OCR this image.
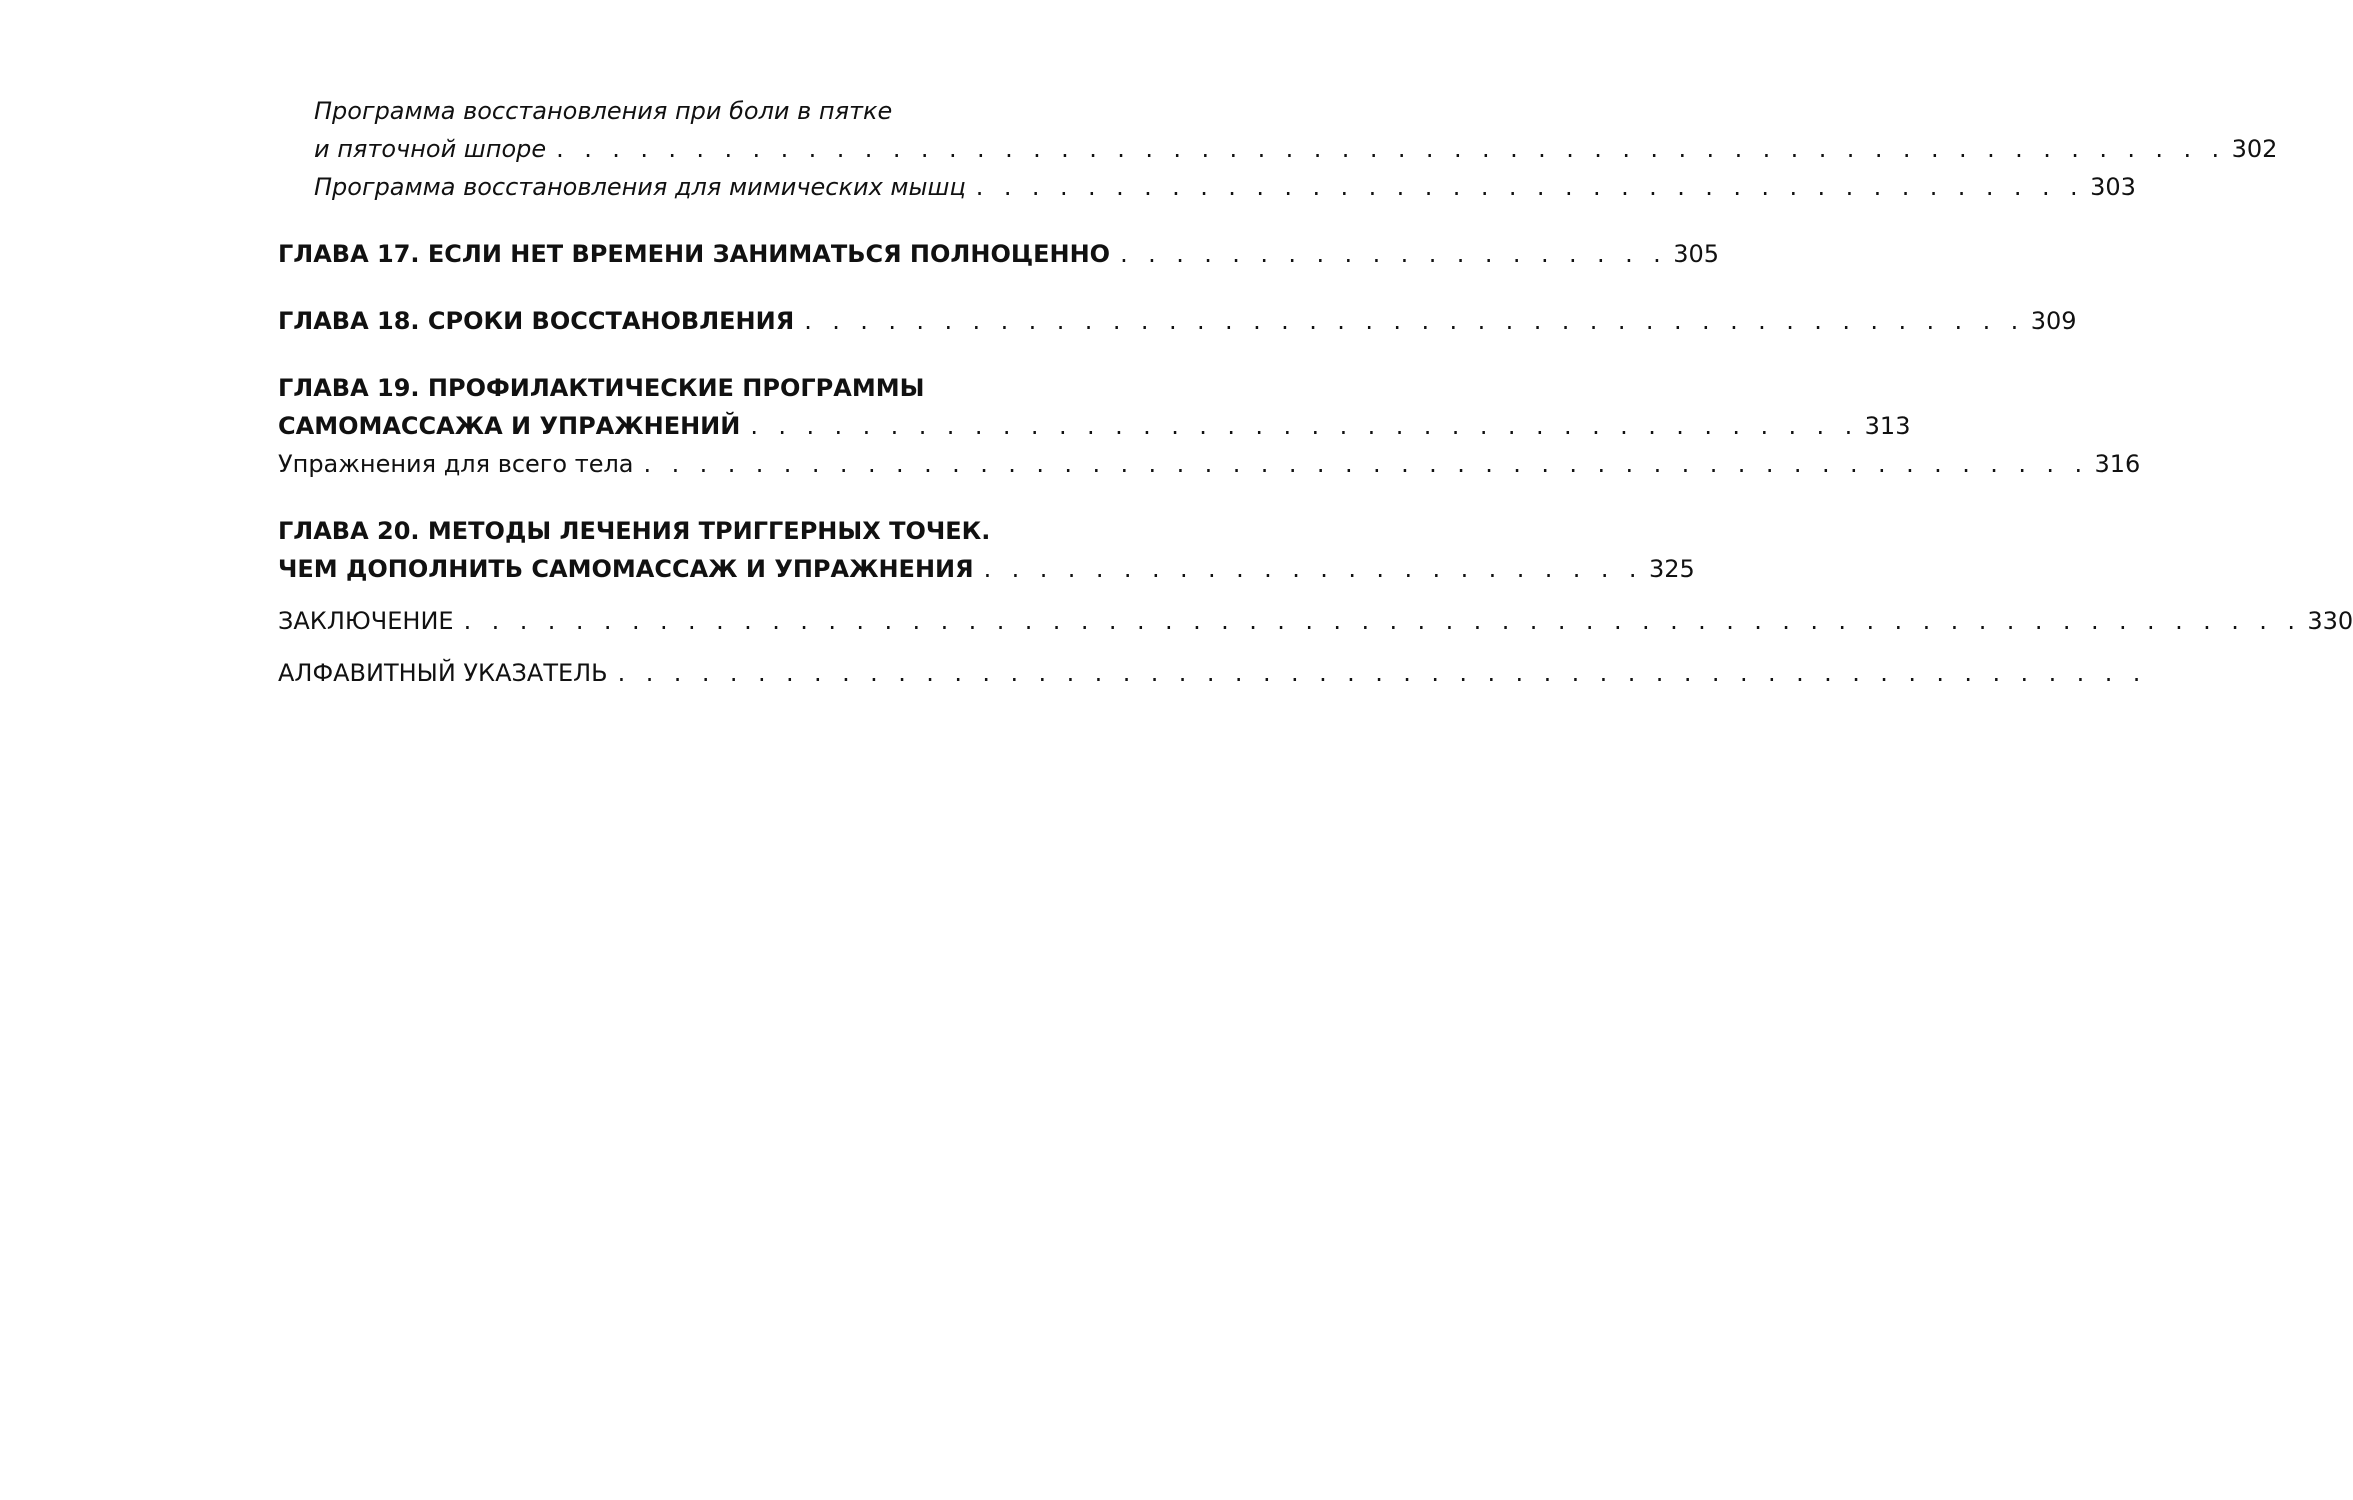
Программа восстановления при боли в пятке
и пяточной шпоре . . . . . . . . . . . . . . . . . . . . . . . . . . . . . . . . . . . . . . . . . . . . . . . . . . . . . . . . . . . . 302
Программа восстановления для мимических мышц . . . . . . . . . . . . . . . . . . . . . . . . . . . . . . . . . . . . . . . . 303
ГЛАВА 17. ЕСЛИ НЕТ ВРЕМЕНИ ЗАНИМАТЬСЯ ПОЛНОЦЕННО . . . . . . . . . . . . . . . . . . . . 305
ГЛАВА 18. СРОКИ ВОССТАНОВЛЕНИЯ . . . . . . . . . . . . . . . . . . . . . . . . . . . . . . . . . . . . . . . . . . . . 309
ГЛАВА 19. ПРОФИЛАКТИЧЕСКИЕ ПРОГРАММЫ
САМОМАССАЖА И УПРАЖНЕНИЙ . . . . . . . . . . . . . . . . . . . . . . . . . . . . . . . . . . . . . . . . 313
Упражнения для всего тела . . . . . . . . . . . . . . . . . . . . . . . . . . . . . . . . . . . . . . . . . . . . . . . . . . . . 316
ГЛАВА 20. МЕТОДЫ ЛЕЧЕНИЯ ТРИГГЕРНЫХ ТОЧЕК.
ЧЕМ ДОПОЛНИТЬ САМОМАССАЖ И УПРАЖНЕНИЯ . . . . . . . . . . . . . . . . . . . . . . . . 325
ЗАКЛЮЧЕНИЕ . . . . . . . . . . . . . . . . . . . . . . . . . . . . . . . . . . . . . . . . . . . . . . . . . . . . . . . . . . . . . . . . . . 330
АЛФАВИТНЫЙ УКАЗАТЕЛЬ . . . . . . . . . . . . . . . . . . . . . . . . . . . . . . . . . . . . . . . . . . . . . . . . . . . . . . .
